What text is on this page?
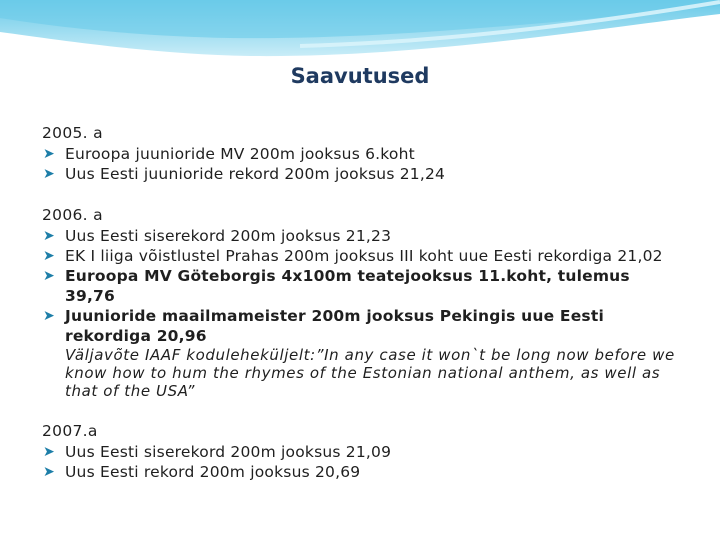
Saavutused
2005. a
➤ Euroopa juunioride MV 200m jooksus 6.koht
➤ Uus Eesti juunioride rekord 200m jooksus 21,24
2006. a
➤ Uus Eesti siserekord 200m jooksus 21,23
➤ EK I liiga võistlustel Prahas 200m jooksus III koht uue Eesti rekordiga 21,02
➤ Euroopa MV Göteborgis 4x100m teatejooksus 11.koht, tulemus 39,76
➤ Juunioride maailmameister 200m jooksus Pekingis uue Eesti rekordiga 20,96
Väljavõte IAAF koduleheküljelt:”In any case it won`t be long now before we know how to hum the rhymes of the Estonian national anthem, as well as that of the USA”
2007.a
➤ Uus Eesti siserekord 200m jooksus 21,09
➤ Uus Eesti rekord 200m jooksus 20,69
